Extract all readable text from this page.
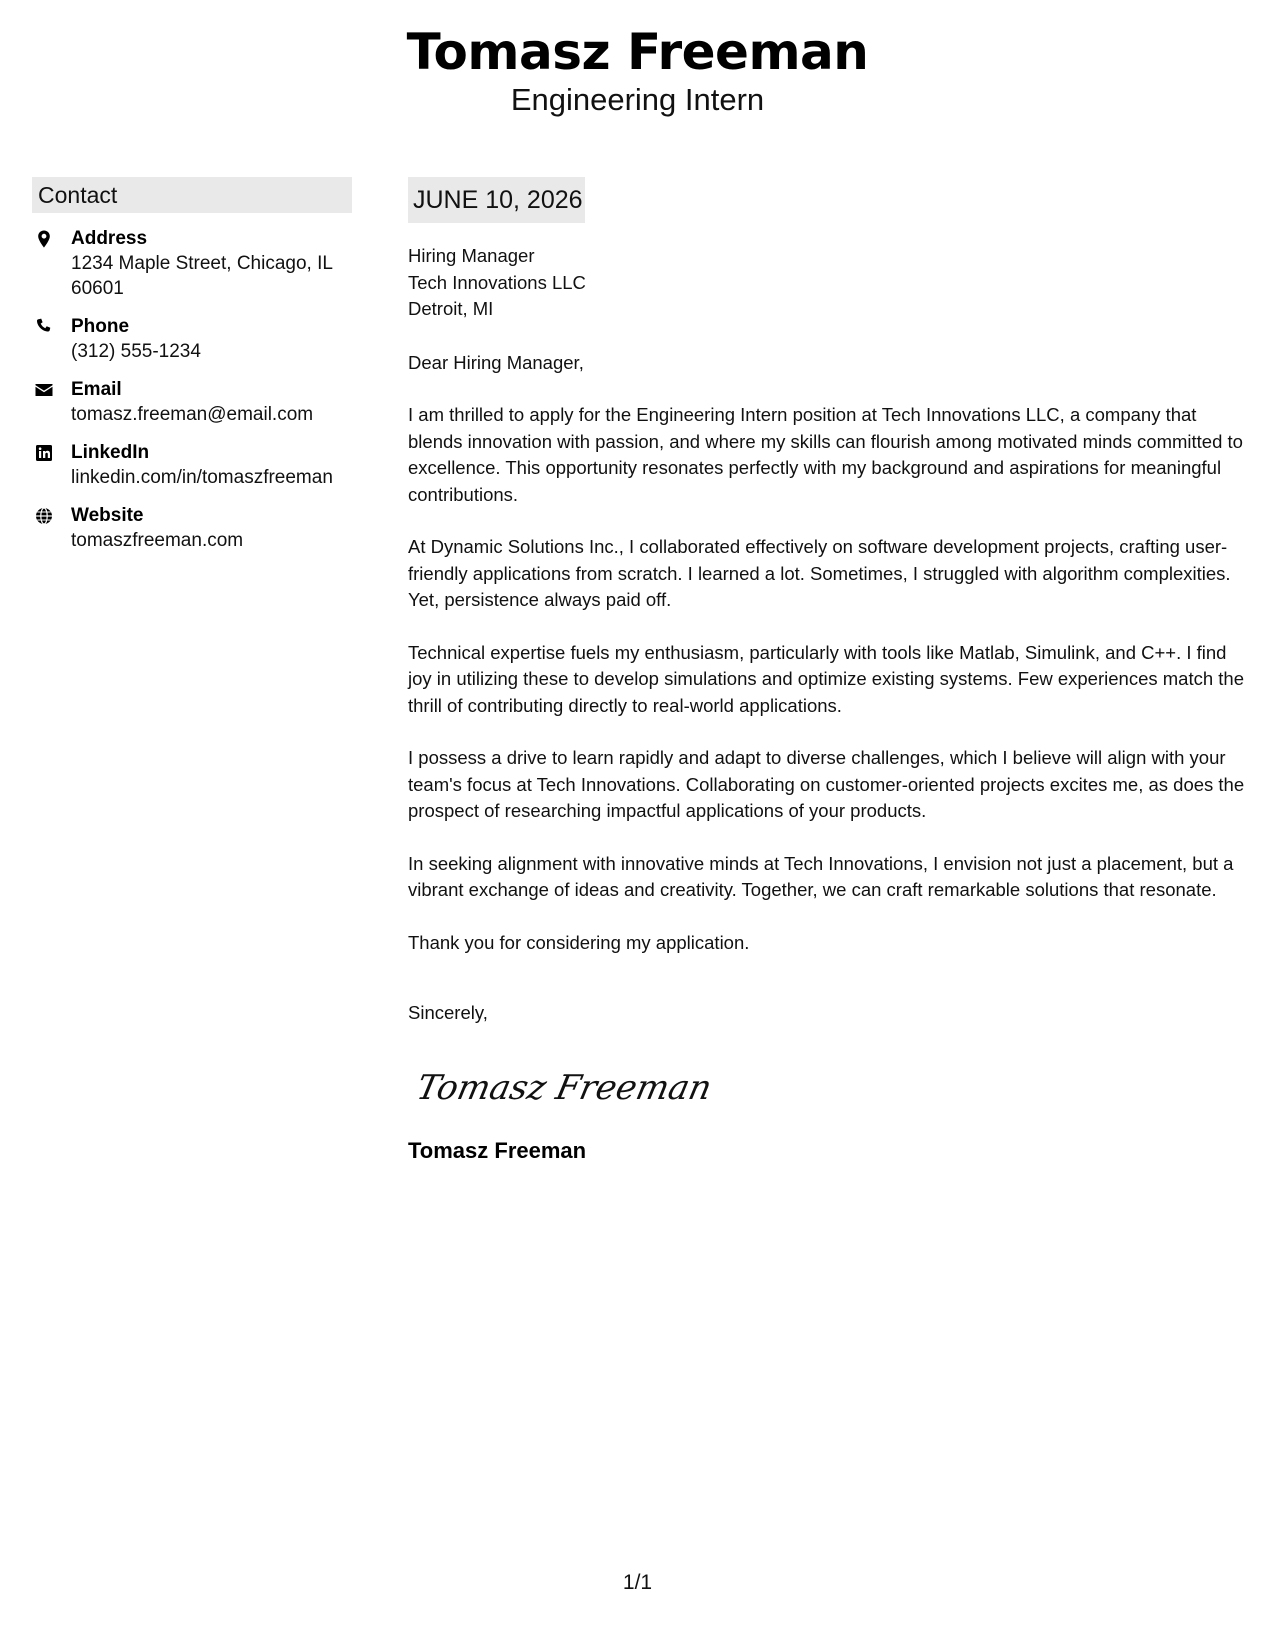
Tomasz Freeman
Engineering Intern
Contact
Address
1234 Maple Street, Chicago, IL 60601
Phone
(312) 555-1234
Email
tomasz.freeman@email.com
LinkedIn
linkedin.com/in/tomaszfreeman
Website
tomaszfreeman.com
JUNE 10, 2026
Hiring Manager
Tech Innovations LLC
Detroit, MI
Dear Hiring Manager,
I am thrilled to apply for the Engineering Intern position at Tech Innovations LLC, a company that blends innovation with passion, and where my skills can flourish among motivated minds committed to excellence. This opportunity resonates perfectly with my background and aspirations for meaningful contributions.
At Dynamic Solutions Inc., I collaborated effectively on software development projects, crafting user-friendly applications from scratch. I learned a lot. Sometimes, I struggled with algorithm complexities. Yet, persistence always paid off.
Technical expertise fuels my enthusiasm, particularly with tools like Matlab, Simulink, and C++. I find joy in utilizing these to develop simulations and optimize existing systems. Few experiences match the thrill of contributing directly to real-world applications.
I possess a drive to learn rapidly and adapt to diverse challenges, which I believe will align with your team's focus at Tech Innovations. Collaborating on customer-oriented projects excites me, as does the prospect of researching impactful applications of your products.
In seeking alignment with innovative minds at Tech Innovations, I envision not just a placement, but a vibrant exchange of ideas and creativity. Together, we can craft remarkable solutions that resonate.
Thank you for considering my application.
Sincerely,
Tomasz Freeman
Tomasz Freeman
1/1
